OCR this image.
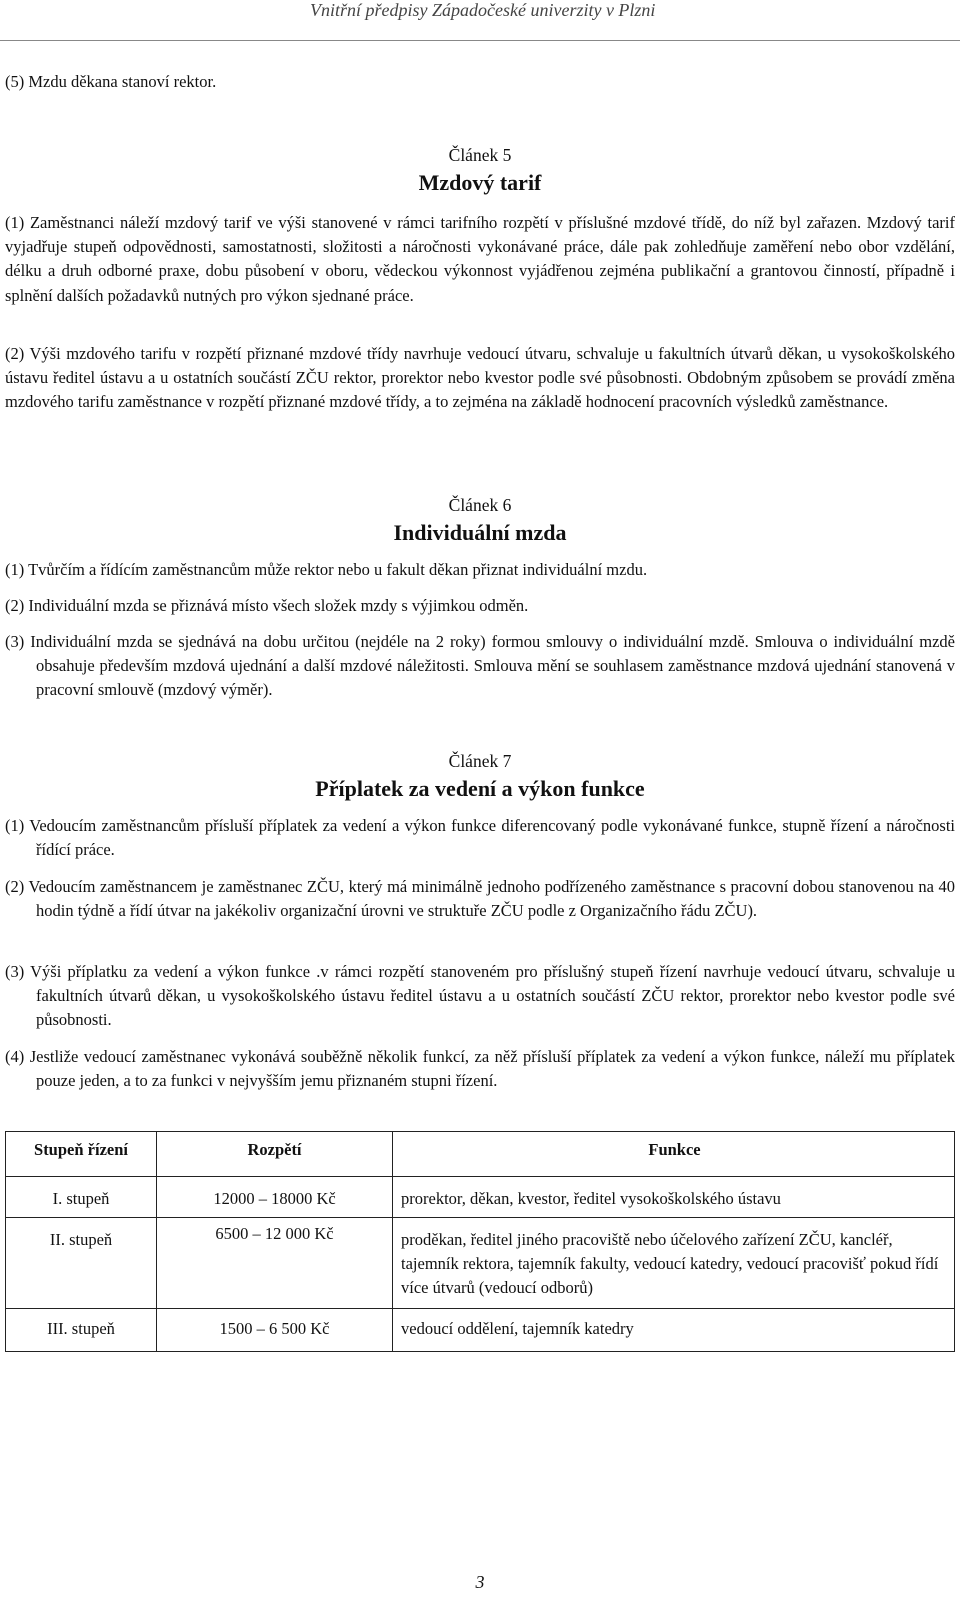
Vnitřní předpisy Západočeské univerzity v Plzni

(5) Mzdu děkana stanoví rektor.

Článek 5
Mzdový tarif

(1) Zaměstnanci náleží mzdový tarif ve výši stanovené v rámci tarifního rozpětí v příslušné mzdové třídě, do níž byl zařazen. Mzdový tarif vyjadřuje stupeň odpovědnosti, samostatnosti, složitosti a náročnosti vykonávané práce, dále pak zohledňuje zaměření nebo obor vzdělání, délku a druh odborné praxe, dobu působení v oboru, vědeckou výkonnost vyjádřenou zejména publikační a grantovou činností, případně i splnění dalších požadavků nutných pro výkon sjednané práce.

(2) Výši mzdového tarifu v rozpětí přiznané mzdové třídy navrhuje vedoucí útvaru, schvaluje u fakultních útvarů děkan, u vysokoškolského ústavu ředitel ústavu a u ostatních součástí ZČU rektor, prorektor nebo kvestor podle své působnosti. Obdobným způsobem se provádí změna mzdového tarifu zaměstnance v rozpětí přiznané mzdové třídy, a to zejména na základě hodnocení pracovních výsledků zaměstnance.

Článek 6
Individuální mzda

(1) Tvůrčím a řídícím zaměstnancům může rektor nebo u fakult děkan přiznat individuální mzdu.

(2) Individuální mzda se přiznává místo všech složek mzdy s výjimkou odměn.

(3) Individuální mzda se sjednává na dobu určitou (nejdéle na 2 roky) formou smlouvy o individuální mzdě. Smlouva o individuální mzdě obsahuje především mzdová ujednání a další mzdové náležitosti. Smlouva mění se souhlasem zaměstnance mzdová ujednání stanovená v pracovní smlouvě (mzdový výměr).

Článek 7
Příplatek za vedení a výkon funkce

(1) Vedoucím zaměstnancům přísluší příplatek za vedení a výkon funkce diferencovaný podle vykonávané funkce, stupně řízení a náročnosti řídící práce.

(2) Vedoucím zaměstnancem je zaměstnanec ZČU, který má minimálně jednoho podřízeného zaměstnance s pracovní dobou stanovenou na 40 hodin týdně a řídí útvar na jakékoliv organizační úrovni ve struktuře ZČU podle z Organizačního řádu ZČU).

(3) Výši příplatku za vedení a výkon funkce .v rámci rozpětí stanoveném pro příslušný stupeň řízení navrhuje vedoucí útvaru, schvaluje u fakultních útvarů děkan, u vysokoškolského ústavu ředitel ústavu a u ostatních součástí ZČU rektor, prorektor nebo kvestor podle své působnosti.

(4) Jestliže vedoucí zaměstnanec vykonává souběžně několik funkcí, za něž přísluší příplatek za vedení a výkon funkce, náleží mu příplatek pouze jeden, a to za funkci v nejvyšším jemu přiznaném stupni řízení.

Stupeň řízení	Rozpětí	Funkce
I. stupeň	12000 – 18000 Kč	prorektor, děkan, kvestor, ředitel vysokoškolského ústavu
II. stupeň	6500 – 12 000 Kč	proděkan, ředitel jiného pracoviště nebo účelového zařízení ZČU, kancléř, tajemník rektora, tajemník fakulty, vedoucí katedry, vedoucí pracovišť pokud řídí více útvarů (vedoucí odborů)
III. stupeň	1500 – 6 500 Kč	vedoucí oddělení, tajemník katedry
3
